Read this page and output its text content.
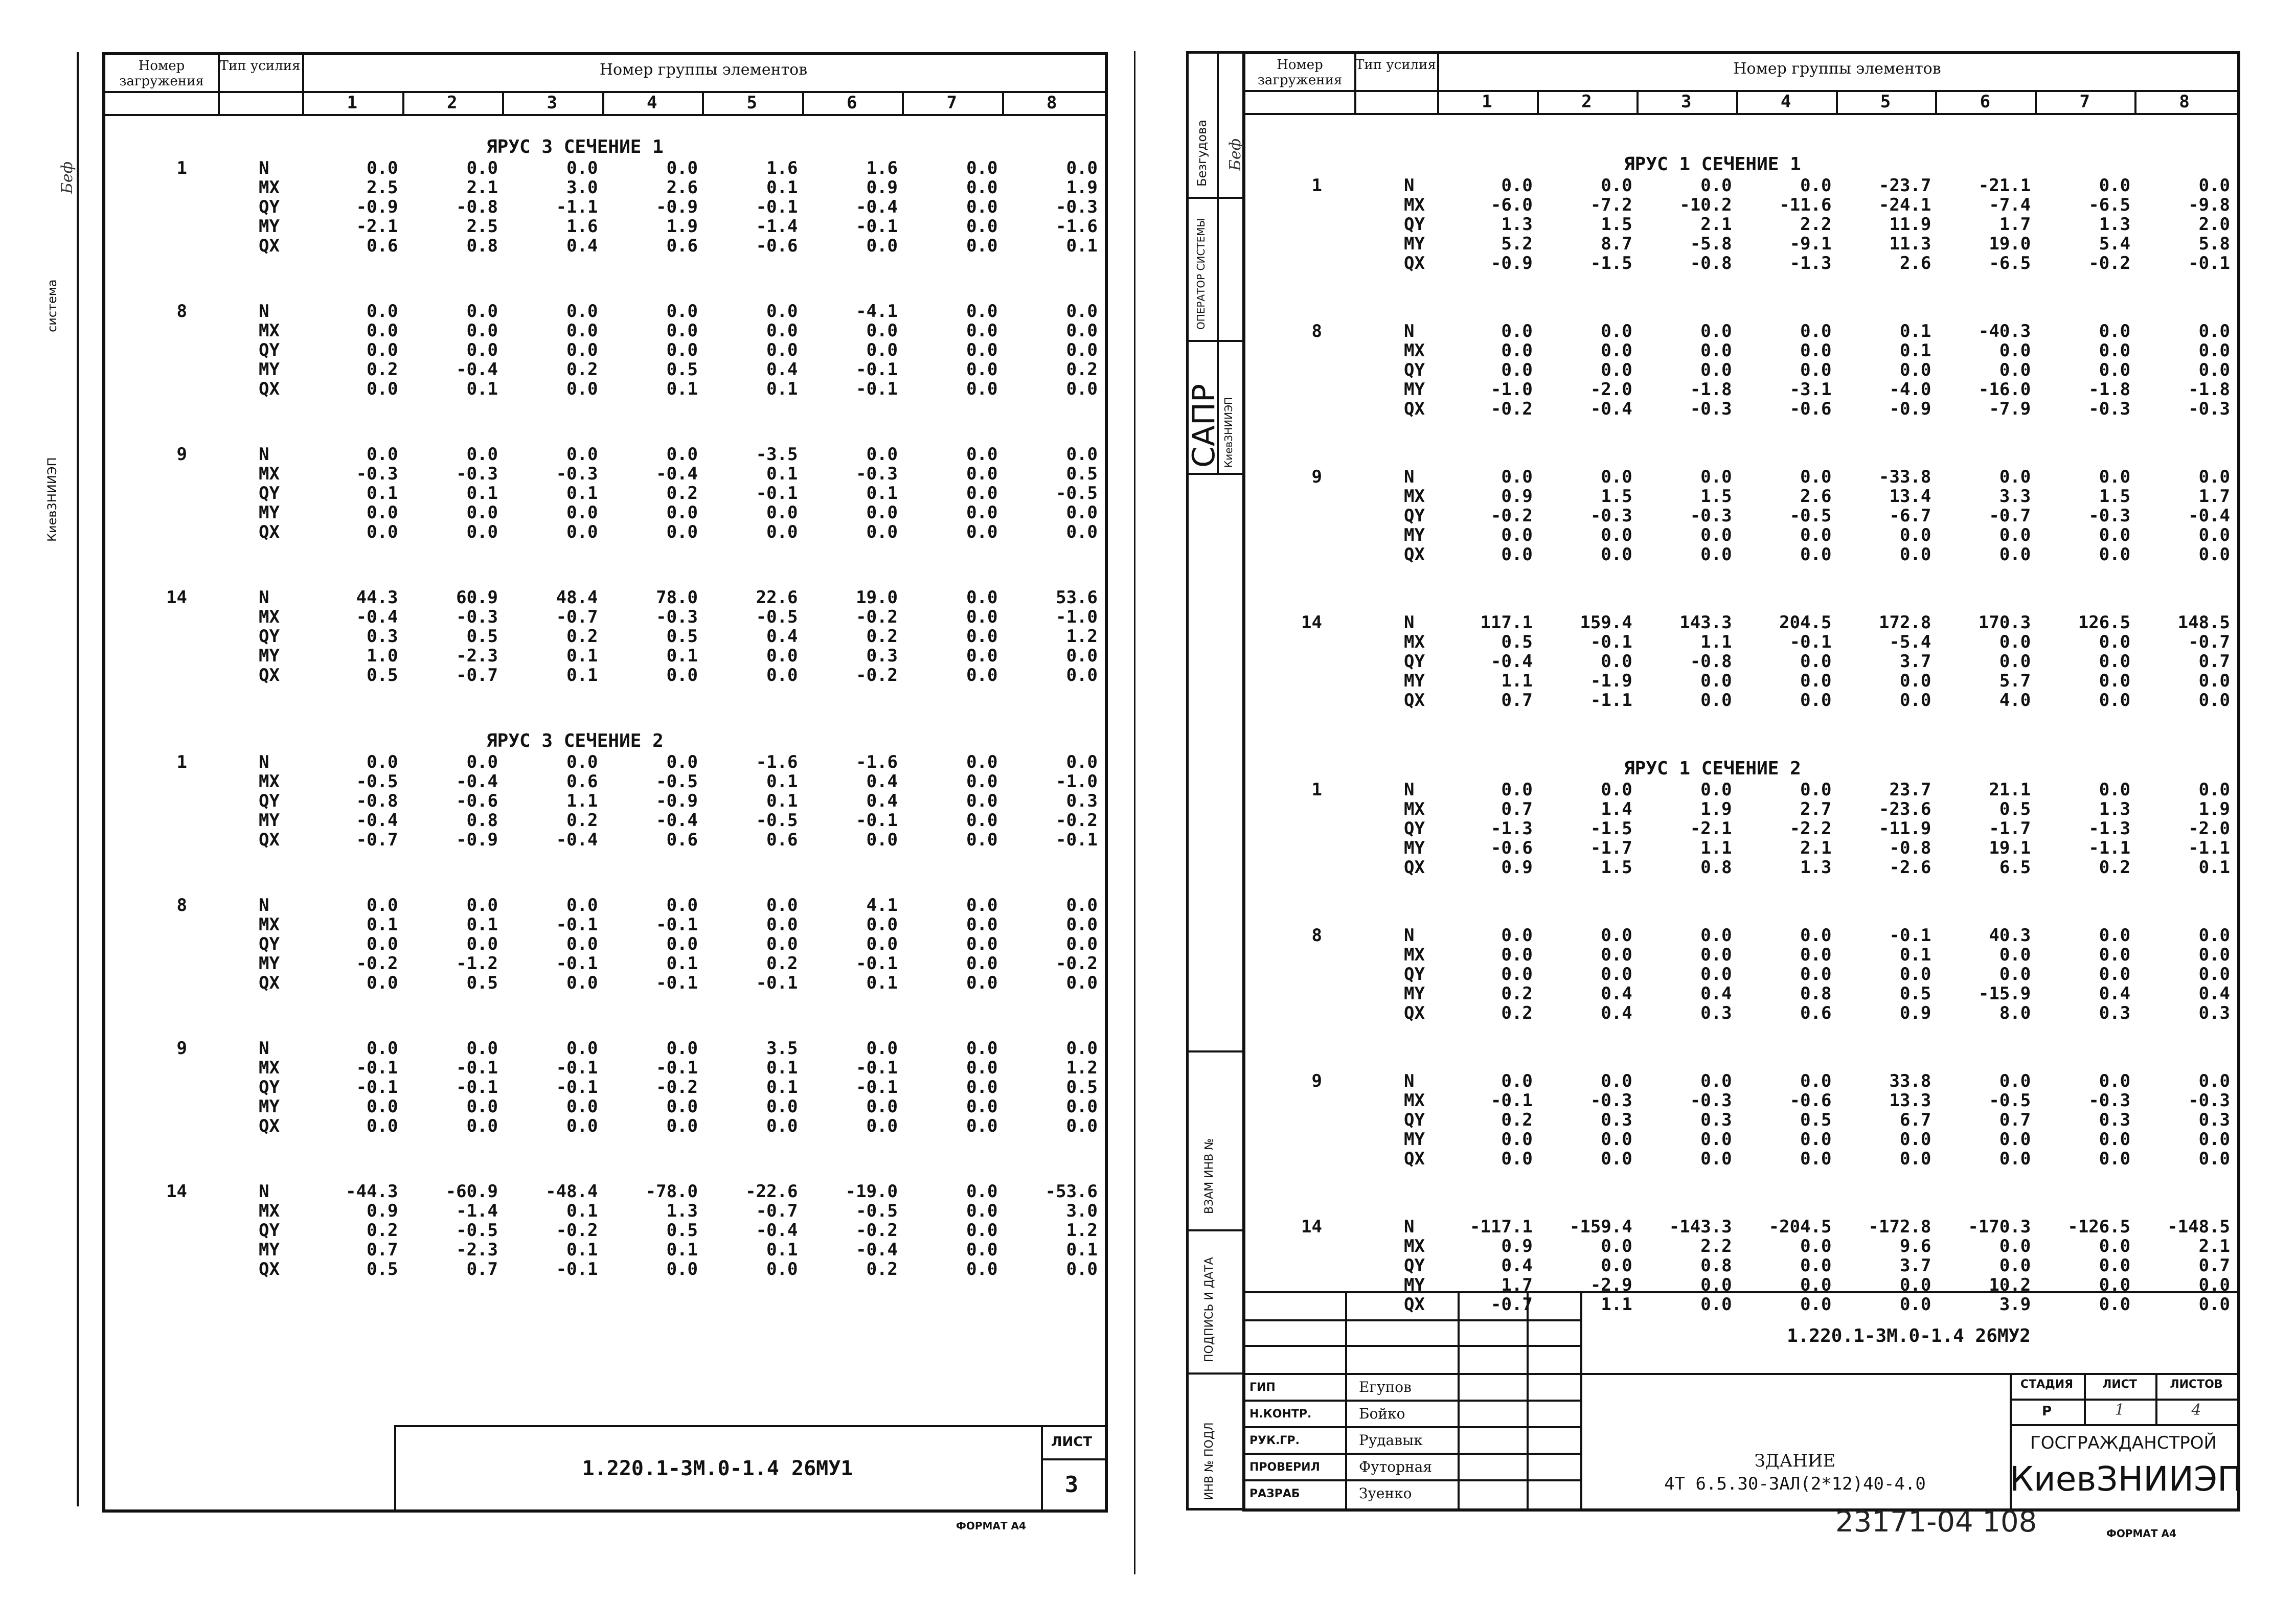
Номер загружения
Тип усилия	Номер группы элементов
1	2	3	4	5	6	7	8
ЯРУС 3 СЕЧЕНИЕ 1
1	N	0.0	0.0	0.0	0.0	1.6	1.6	0.0	0.0
MX	2.5	2.1	3.0	2.6	0.1	0.9	0.0	1.9
QY	-0.9	-0.8	-1.1	-0.9	-0.1	-0.4	0.0	-0.3
MY	-2.1	2.5	1.6	1.9	-1.4	-0.1	0.0	-1.6
QX	0.6	0.8	0.4	0.6	-0.6	0.0	0.0	0.1
8	N	0.0	0.0	0.0	0.0	0.0	-4.1	0.0	0.0
MX	0.0	0.0	0.0	0.0	0.0	0.0	0.0	0.0
QY	0.0	0.0	0.0	0.0	0.0	0.0	0.0	0.0
MY	0.2	-0.4	0.2	0.5	0.4	-0.1	0.0	0.2
QX	0.0	0.1	0.0	0.1	0.1	-0.1	0.0	0.0
9	N	0.0	0.0	0.0	0.0	-3.5	0.0	0.0	0.0
MX	-0.3	-0.3	-0.3	-0.4	0.1	-0.3	0.0	0.5
QY	0.1	0.1	0.1	0.2	-0.1	0.1	0.0	-0.5
MY	0.0	0.0	0.0	0.0	0.0	0.0	0.0	0.0
QX	0.0	0.0	0.0	0.0	0.0	0.0	0.0	0.0
14	N	44.3	60.9	48.4	78.0	22.6	19.0	0.0	53.6
MX	-0.4	-0.3	-0.7	-0.3	-0.5	-0.2	0.0	-1.0
QY	0.3	0.5	0.2	0.5	0.4	0.2	0.0	1.2
MY	1.0	-2.3	0.1	0.1	0.0	0.3	0.0	0.0
QX	0.5	-0.7	0.1	0.0	0.0	-0.2	0.0	0.0
ЯРУС 3 СЕЧЕНИЕ 2
1	N	0.0	0.0	0.0	0.0	-1.6	-1.6	0.0	0.0
MX	-0.5	-0.4	0.6	-0.5	0.1	0.4	0.0	-1.0
QY	-0.8	-0.6	1.1	-0.9	0.1	0.4	0.0	0.3
MY	-0.4	0.8	0.2	-0.4	-0.5	-0.1	0.0	-0.2
QX	-0.7	-0.9	-0.4	0.6	0.6	0.0	0.0	-0.1
8	N	0.0	0.0	0.0	0.0	0.0	4.1	0.0	0.0
MX	0.1	0.1	-0.1	-0.1	0.0	0.0	0.0	0.0
QY	0.0	0.0	0.0	0.0	0.0	0.0	0.0	0.0
MY	-0.2	-1.2	-0.1	0.1	0.2	-0.1	0.0	-0.2
QX	0.0	0.5	0.0	-0.1	-0.1	0.1	0.0	0.0
9	N	0.0	0.0	0.0	0.0	3.5	0.0	0.0	0.0
MX	-0.1	-0.1	-0.1	-0.1	0.1	-0.1	0.0	1.2
QY	-0.1	-0.1	-0.1	-0.2	0.1	-0.1	0.0	0.5
MY	0.0	0.0	0.0	0.0	0.0	0.0	0.0	0.0
QX	0.0	0.0	0.0	0.0	0.0	0.0	0.0	0.0
14	N	-44.3	-60.9	-48.4	-78.0	-22.6	-19.0	0.0	-53.6
MX	0.9	-1.4	0.1	1.3	-0.7	-0.5	0.0	3.0
QY	0.2	-0.5	-0.2	0.5	-0.4	-0.2	0.0	1.2
MY	0.7	-2.3	0.1	0.1	0.1	-0.4	0.0	0.1
QX	0.5	0.7	-0.1	0.0	0.0	0.2	0.0	0.0
ЛИСТ
3
1.220.1-3М.0-1.4 26МУ1
ФОРМАТ А4
Киев3НИИЭП
система
Беф
Номер загружения
Тип усилия	Номер группы элементов
1	2	3	4	5	6	7	8
ЯРУС 1 СЕЧЕНИЕ 1
1	N	0.0	0.0	0.0	0.0	-23.7	-21.1	0.0	0.0
MX	-6.0	-7.2	-10.2	-11.6	-24.1	-7.4	-6.5	-9.8
QY	1.3	1.5	2.1	2.2	11.9	1.7	1.3	2.0
MY	5.2	8.7	-5.8	-9.1	11.3	19.0	5.4	5.8
QX	-0.9	-1.5	-0.8	-1.3	2.6	-6.5	-0.2	-0.1
8	N	0.0	0.0	0.0	0.0	0.1	-40.3	0.0	0.0
MX	0.0	0.0	0.0	0.0	0.1	0.0	0.0	0.0
QY	0.0	0.0	0.0	0.0	0.0	0.0	0.0	0.0
MY	-1.0	-2.0	-1.8	-3.1	-4.0	-16.0	-1.8	-1.8
QX	-0.2	-0.4	-0.3	-0.6	-0.9	-7.9	-0.3	-0.3
9	N	0.0	0.0	0.0	0.0	-33.8	0.0	0.0	0.0
MX	0.9	1.5	1.5	2.6	13.4	3.3	1.5	1.7
QY	-0.2	-0.3	-0.3	-0.5	-6.7	-0.7	-0.3	-0.4
MY	0.0	0.0	0.0	0.0	0.0	0.0	0.0	0.0
QX	0.0	0.0	0.0	0.0	0.0	0.0	0.0	0.0
14	N	117.1	159.4	143.3	204.5	172.8	170.3	126.5	148.5
MX	0.5	-0.1	1.1	-0.1	-5.4	0.0	0.0	-0.7
QY	-0.4	0.0	-0.8	0.0	3.7	0.0	0.0	0.7
MY	1.1	-1.9	0.0	0.0	0.0	5.7	0.0	0.0
QX	0.7	-1.1	0.0	0.0	0.0	4.0	0.0	0.0
ЯРУС 1 СЕЧЕНИЕ 2
1	N	0.0	0.0	0.0	0.0	23.7	21.1	0.0	0.0
MX	0.7	1.4	1.9	2.7	-23.6	0.5	1.3	1.9
QY	-1.3	-1.5	-2.1	-2.2	-11.9	-1.7	-1.3	-2.0
MY	-0.6	-1.7	1.1	2.1	-0.8	19.1	-1.1	-1.1
QX	0.9	1.5	0.8	1.3	-2.6	6.5	0.2	0.1
8	N	0.0	0.0	0.0	0.0	-0.1	40.3	0.0	0.0
MX	0.0	0.0	0.0	0.0	0.1	0.0	0.0	0.0
QY	0.0	0.0	0.0	0.0	0.0	0.0	0.0	0.0
MY	0.2	0.4	0.4	0.8	0.5	-15.9	0.4	0.4
QX	0.2	0.4	0.3	0.6	0.9	8.0	0.3	0.3
9	N	0.0	0.0	0.0	0.0	33.8	0.0	0.0	0.0
MX	-0.1	-0.3	-0.3	-0.6	13.3	-0.5	-0.3	-0.3
QY	0.2	0.3	0.3	0.5	6.7	0.7	0.3	0.3
MY	0.0	0.0	0.0	0.0	0.0	0.0	0.0	0.0
QX	0.0	0.0	0.0	0.0	0.0	0.0	0.0	0.0
14	N	-117.1	-159.4	-143.3	-204.5	-172.8	-170.3	-126.5	-148.5
MX	0.9	0.0	2.2	0.0	9.6	0.0	0.0	2.1
QY	0.4	0.0	0.8	0.0	3.7	0.0	0.0	0.7
MY	1.7	-2.9	0.0	0.0	0.0	10.2	0.0	0.0
QX	-0.7	1.1	0.0	0.0	0.0	3.9	0.0	0.0
ГИП	Егупов
Н.КОНТР.	Бойко
РУК.ГР.	Рудавык
ПРОВЕРИЛ	Футорная
РАЗРАБ	Зуенко
1.220.1-3М.0-1.4 26МУ2
СТАДИЯ	ЛИСТ	ЛИСТОВ
Р	1	4
ЗДАНИЕ
4Т 6.5.30-3АЛ(2*12)40-4.0
ГОСГРАЖДАНСТРОЙ
КиевЗНИИЭП
23171-04 108	ФОРМАТ А4
Безгудова Беф
ОПЕРАТОР СИСТЕМЫ
САПР КиевЗНИИЭП
ВЗАМ ИНВ №
ПОДПИСЬ И ДАТА
ИНВ № ПОДЛ
